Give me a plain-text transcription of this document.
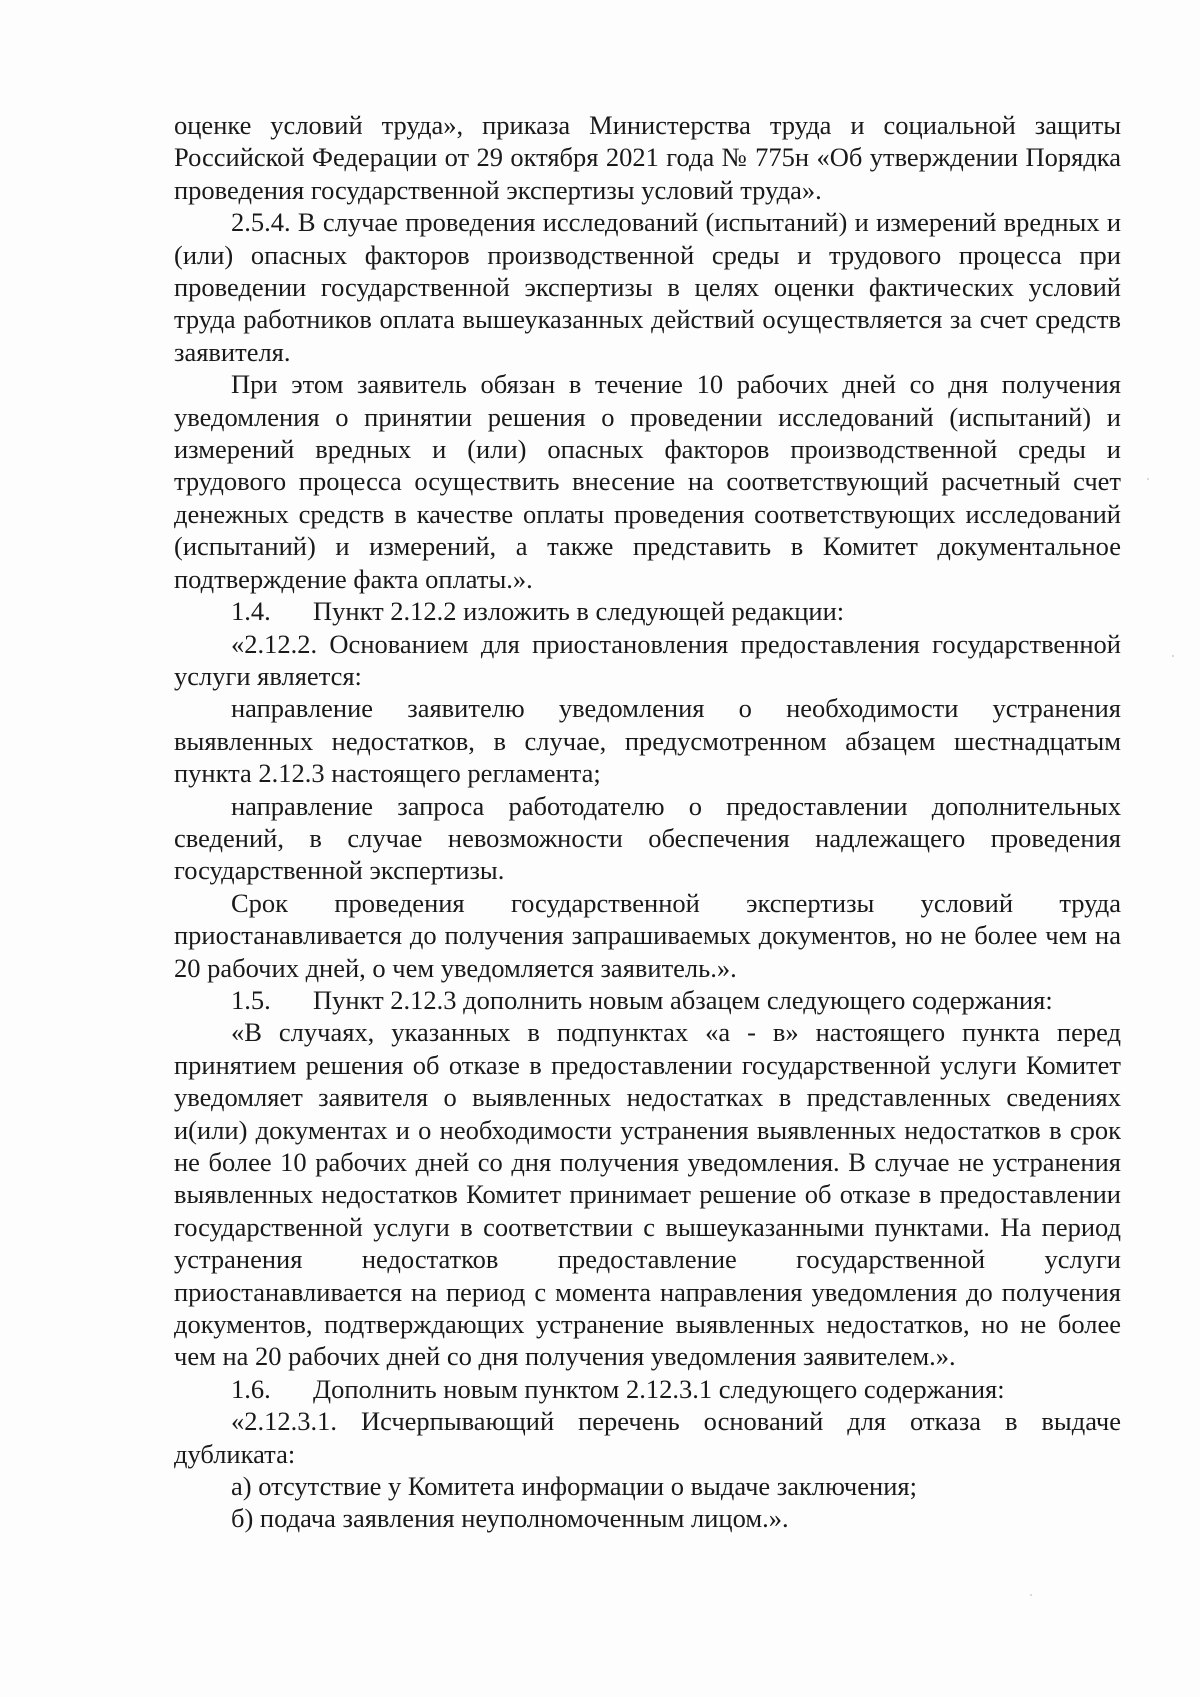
оценке условий труда», приказа Министерства труда и социальной защиты Российской Федерации от 29 октября 2021 года № 775н «Об утверждении Порядка проведения государственной экспертизы условий труда».

2.5.4. В случае проведения исследований (испытаний) и измерений вредных и (или) опасных факторов производственной среды и трудового процесса при проведении государственной экспертизы в целях оценки фактических условий труда работников оплата вышеуказанных действий осуществляется за счет средств заявителя.

При этом заявитель обязан в течение 10 рабочих дней со дня получения уведомления о принятии решения о проведении исследований (испытаний) и измерений вредных и (или) опасных факторов производственной среды и трудового процесса осуществить внесение на соответствующий расчетный счет денежных средств в качестве оплаты проведения соответствующих исследований (испытаний) и измерений, а также представить в Комитет документальное подтверждение факта оплаты.».

1.4. Пункт 2.12.2 изложить в следующей редакции:

«2.12.2. Основанием для приостановления предоставления государственной услуги является:

направление заявителю уведомления о необходимости устранения выявленных недостатков, в случае, предусмотренном абзацем шестнадцатым пункта 2.12.3 настоящего регламента;

направление запроса работодателю о предоставлении дополнительных сведений, в случае невозможности обеспечения надлежащего проведения государственной экспертизы.

Срок проведения государственной экспертизы условий труда приостанавливается до получения запрашиваемых документов, но не более чем на 20 рабочих дней, о чем уведомляется заявитель.».

1.5. Пункт 2.12.3 дополнить новым абзацем следующего содержания:

«В случаях, указанных в подпунктах «а - в» настоящего пункта перед принятием решения об отказе в предоставлении государственной услуги Комитет уведомляет заявителя о выявленных недостатках в представленных сведениях и(или) документах и о необходимости устранения выявленных недостатков в срок не более 10 рабочих дней со дня получения уведомления. В случае не устранения выявленных недостатков Комитет принимает решение об отказе в предоставлении государственной услуги в соответствии с вышеуказанными пунктами. На период устранения недостатков предоставление государственной услуги приостанавливается на период с момента направления уведомления до получения документов, подтверждающих устранение выявленных недостатков, но не более чем на 20 рабочих дней со дня получения уведомления заявителем.».

1.6. Дополнить новым пунктом 2.12.3.1 следующего содержания:

«2.12.3.1. Исчерпывающий перечень оснований для отказа в выдаче дубликата:

а) отсутствие у Комитета информации о выдаче заключения;

б) подача заявления неуполномоченным лицом.».
